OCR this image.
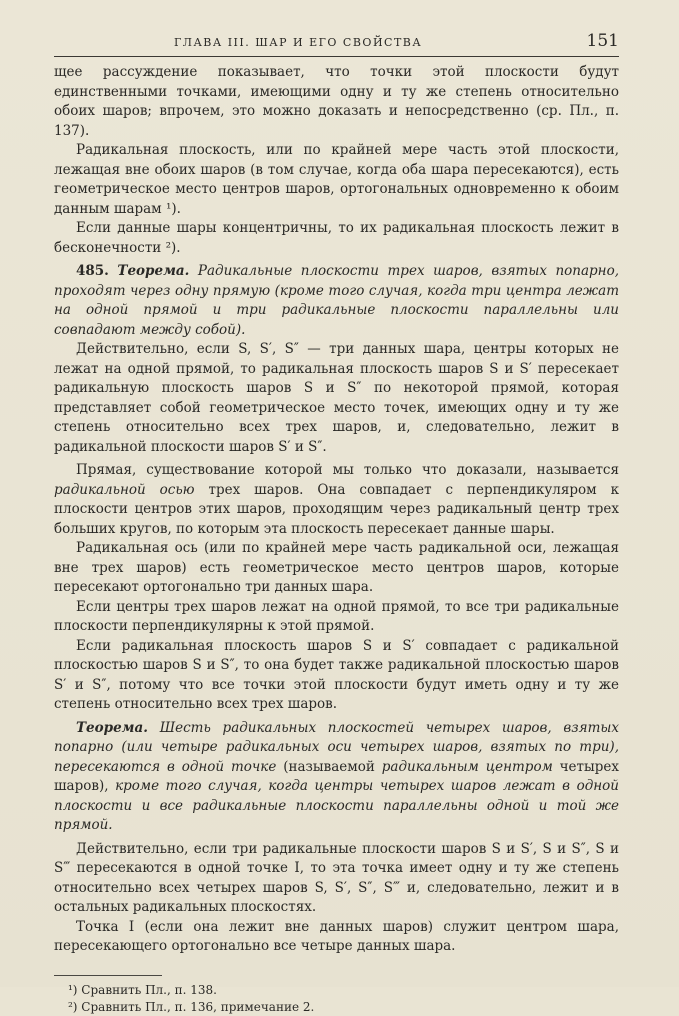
ГЛАВА III. ШАР И ЕГО СВОЙСТВА	151

щее рассуждение показывает, что точки этой плоскости будут единственными точками, имеющими одну и ту же степень относительно обоих шаров; впрочем, это можно доказать и непосредственно (ср. Пл., п. 137).

Радикальная плоскость, или по крайней мере часть этой плоскости, лежащая вне обоих шаров (в том случае, когда оба шара пересекаются), есть геометрическое место центров шаров, ортогональных одновременно к обоим данным шарам ¹).

Если данные шары концентричны, то их радикальная плоскость лежит в бесконечности ²).

485. Теорема. Радикальные плоскости трех шаров, взятых попарно, проходят через одну прямую (кроме того случая, когда три центра лежат на одной прямой и три радикальные плоскости параллельны или совпадают между собой).

Действительно, если S, S′, S″ — три данных шара, центры которых не лежат на одной прямой, то радикальная плоскость шаров S и S′ пересекает радикальную плоскость шаров S и S″ по некоторой прямой, которая представляет собой геометрическое место точек, имеющих одну и ту же степень относительно всех трех шаров, и, следовательно, лежит в радикальной плоскости шаров S′ и S″.

Прямая, существование которой мы только что доказали, называется радикальной осью трех шаров. Она совпадает с перпендикуляром к плоскости центров этих шаров, проходящим через радикальный центр трех больших кругов, по которым эта плоскость пересекает данные шары.

Радикальная ось (или по крайней мере часть радикальной оси, лежащая вне трех шаров) есть геометрическое место центров шаров, которые пересекают ортогонально три данных шара.

Если центры трех шаров лежат на одной прямой, то все три радикальные плоскости перпендикулярны к этой прямой.

Если радикальная плоскость шаров S и S′ совпадает с радикальной плоскостью шаров S и S″, то она будет также радикальной плоскостью шаров S′ и S″, потому что все точки этой плоскости будут иметь одну и ту же степень относительно всех трех шаров.

Теорема. Шесть радикальных плоскостей четырех шаров, взятых попарно (или четыре радикальных оси четырех шаров, взятых по три), пересекаются в одной точке (называемой радикальным центром четырех шаров), кроме того случая, когда центры четырех шаров лежат в одной плоскости и все радикальные плоскости параллельны одной и той же прямой.

Действительно, если три радикальные плоскости шаров S и S′, S и S″, S и S‴ пересекаются в одной точке I, то эта точка имеет одну и ту же степень относительно всех четырех шаров S, S′, S″, S‴ и, следовательно, лежит и в остальных радикальных плоскостях.

Точка I (если она лежит вне данных шаров) служит центром шара, пересекающего ортогонально все четыре данных шара.

¹) Сравнить Пл., п. 138.

²) Сравнить Пл., п. 136, примечание 2.
